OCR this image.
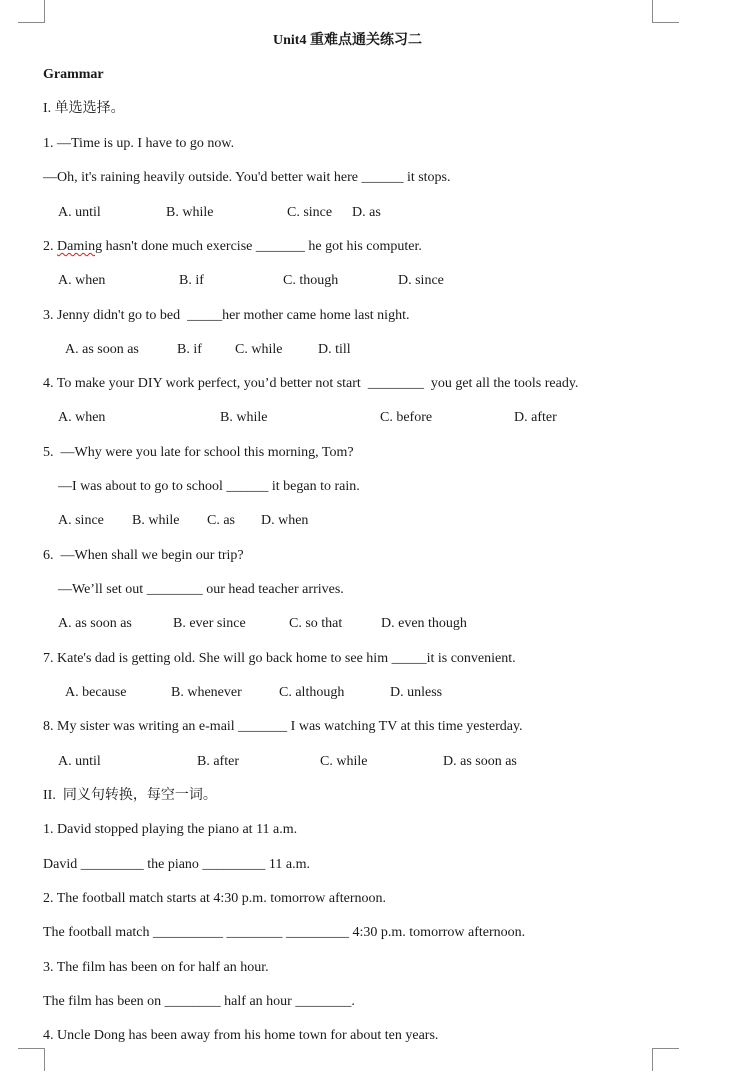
Unit4 重难点通关练习二
Grammar
I. 单选选择。
1. —Time is up. I have to go now.
—Oh, it's raining heavily outside. You'd better wait here ______ it stops.
A. until	B. while	C. since D. as
2. Daming hasn't done much exercise _______ he got his computer.
A. when	B. if	C. though	D. since
3. Jenny didn't go to bed  _____her mother came home last night.
A. as soon as	B. if C. while	D. till
4. To make your DIY work perfect, you’d better not start  ________  you get all the tools ready.
A. when	B. while	C. before	D. after
5.  —Why were you late for school this morning, Tom?
—I was about to go to school ______ it began to rain.
A. since B. while C. as D. when
6.  —When shall we begin our trip?
—We’ll set out ________ our head teacher arrives.
A. as soon as	B. ever since	C. so that	D. even though
7. Kate's dad is getting old. She will go back home to see him _____it is convenient.
A. because	B. whenever	C. although	D. unless
8. My sister was writing an e-mail _______ I was watching TV at this time yesterday.
A. until	B. after	C. while	D. as soon as
II.  同义句转换，每空一词。
1. David stopped playing the piano at 11 a.m.
David _________ the piano _________ 11 a.m.
2. The football match starts at 4:30 p.m. tomorrow afternoon.
The football match __________ ________ _________ 4:30 p.m. tomorrow afternoon.
3. The film has been on for half an hour.
The film has been on ________ half an hour ________.
4. Uncle Dong has been away from his home town for about ten years.
